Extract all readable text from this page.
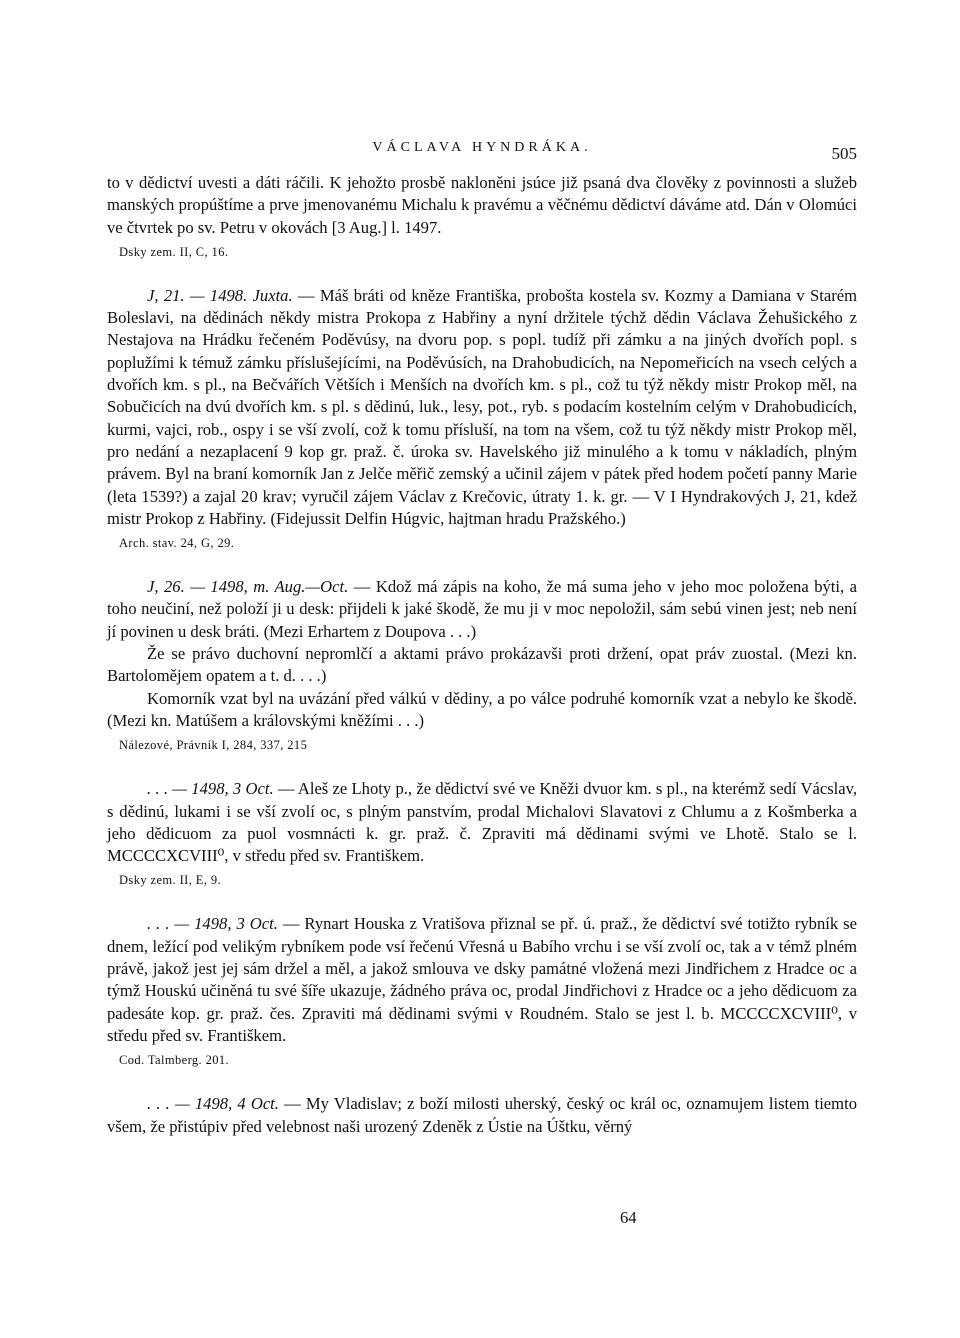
VÁCLAVA HYNDRÁKA.	505

to v dědictví uvesti a dáti ráčili. K jehožto prosbě nakloněni jsúce již psaná dva člověky z povinnosti a služeb manských propúštíme a prve jmenovanému Michalu k pravému a věčnému dědictví dáváme atd. Dán v Olomúci ve čtvrtek po sv. Petru v okovách [3 Aug.] l. 1497.

Dsky zem. II, C, 16.

J, 21. — 1498. Juxta. — Máš bráti od kněze Františka, probošta kostela sv. Kozmy a Damiana v Starém Boleslavi, na dědinách někdy mistra Prokopa z Habřiny a nyní držitele týchž dědin Václava Žehušického z Nestajova na Hrádku řečeném Poděvúsy, na dvoru pop. s popl. tudíž při zámku a na jiných dvořích popl. s poplužími k témuž zámku příslušejícími, na Poděvúsích, na Drahobudicích, na Nepomeřicích na vsech celých a dvořích km. s pl., na Bečvářích Větších i Menších na dvořích km. s pl., což tu týž někdy mistr Prokop měl, na Sobučicích na dvú dvořích km. s pl. s dědinú, luk., lesy, pot., ryb. s podacím kostelním celým v Drahobudicích, kurmi, vajci, rob., ospy i se vší zvolí, což k tomu přísluší, na tom na všem, což tu týž někdy mistr Prokop měl, pro nedání a nezaplacení 9 kop gr. praž. č. úroka sv. Havelského již minulého a k tomu v nákladích, plným právem. Byl na braní komorník Jan z Jelče měřič zemský a učinil zájem v pátek před hodem početí panny Marie (leta 1539?) a zajal 20 krav; vyručil zájem Václav z Krečovic, útraty 1. k. gr. — V I Hyndrakových J, 21, kdež mistr Prokop z Habřiny. (Fidejussit Delfin Húgvic, hajtman hradu Pražského.)

Arch. stav. 24, G, 29.

J, 26. — 1498, m. Aug.—Oct. — Kdož má zápis na koho, že má suma jeho v jeho moc položena býti, a toho neučiní, než položí ji u desk: přijdeli k jaké škodě, že mu ji v moc nepoložil, sám sebú vinen jest; neb není jí povinen u desk bráti. (Mezi Erhartem z Doupova . . .)

Že se právo duchovní nepromlčí a aktami právo prokázavši proti držení, opat práv zuostal. (Mezi kn. Bartolomějem opatem a t. d. . . .)

Komorník vzat byl na uvázání před válkú v dědiny, a po válce podruhé komorník vzat a nebylo ke škodě. (Mezi kn. Matúšem a královskými kněžími . . .)

Nálezové, Právník I, 284, 337, 215

. . . — 1498, 3 Oct. — Aleš ze Lhoty p., že dědictví své ve Kněži dvuor km. s pl., na kterémž sedí Vácslav, s dědinú, lukami i se vší zvolí oc, s plným panstvím, prodal Michalovi Slavatovi z Chlumu a z Košmberka a jeho dědicuom za puol vosmnácti k. gr. praž. č. Zpraviti má dědinami svými ve Lhotě. Stalo se l. MCCCCXCVIII⁰, v středu před sv. Františkem.

Dsky zem. II, E, 9.

. . . — 1498, 3 Oct. — Rynart Houska z Vratišova přiznal se př. ú. praž., že dědictví své totižto rybník se dnem, ležící pod velikým rybníkem pode vsí řečenú Vřesná u Babího vrchu i se vší zvolí oc, tak a v témž plném právě, jakož jest jej sám držel a měl, a jakož smlouva ve dsky památné vložená mezi Jindřichem z Hradce oc a týmž Houskú učiněná tu své šíře ukazuje, žádného práva oc, prodal Jindřichovi z Hradce oc a jeho dědicuom za padesáte kop. gr. praž. čes. Zpraviti má dědinami svými v Roudném. Stalo se jest l. b. MCCCCXCVIII⁰, v středu před sv. Františkem.

Cod. Talmberg. 201.

. . . — 1498, 4 Oct. — My Vladislav; z boží milosti uherský, český oc král oc, oznamujem listem tiemto všem, že přistúpiv před velebnost naši urozený Zdeněk z Ústie na Úštku, věrný

64
